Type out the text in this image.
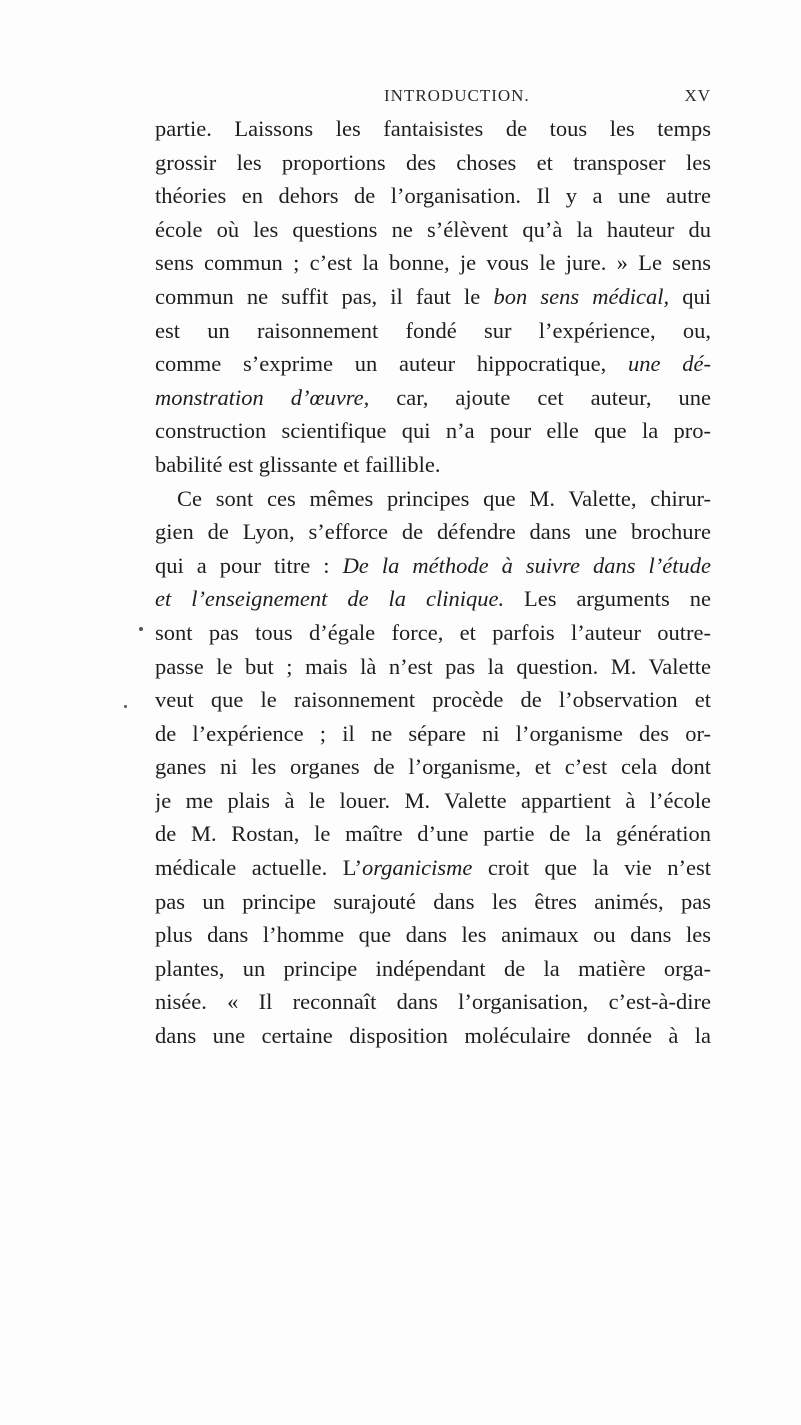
INTRODUCTION.	XV
partie. Laissons les fantaisistes de tous les temps
grossir les proportions des choses et transposer les
théories en dehors de l’organisation. Il y a une autre
école où les questions ne s’élèvent qu’à la hauteur du
sens commun ; c’est la bonne, je vous le jure. » Le sens
commun ne suffit pas, il faut le bon sens médical, qui
est un raisonnement fondé sur l’expérience, ou,
comme s’exprime un auteur hippocratique, une dé-
monstration d’œuvre, car, ajoute cet auteur, une
construction scientifique qui n’a pour elle que la pro-
babilité est glissante et faillible.
Ce sont ces mêmes principes que M. Valette, chirur-
gien de Lyon, s’efforce de défendre dans une brochure
qui a pour titre : De la méthode à suivre dans l’étude
et l’enseignement de la clinique. Les arguments ne
sont pas tous d’égale force, et parfois l’auteur outre-
passe le but ; mais là n’est pas la question. M. Valette
veut que le raisonnement procède de l’observation et
de l’expérience ; il ne sépare ni l’organisme des or-
ganes ni les organes de l’organisme, et c’est cela dont
je me plais à le louer. M. Valette appartient à l’école
de M. Rostan, le maître d’une partie de la génération
médicale actuelle. L’organicisme croit que la vie n’est
pas un principe surajouté dans les êtres animés, pas
plus dans l’homme que dans les animaux ou dans les
plantes, un principe indépendant de la matière orga-
nisée. « Il reconnaît dans l’organisation, c’est-à-dire
dans une certaine disposition moléculaire donnée à la
